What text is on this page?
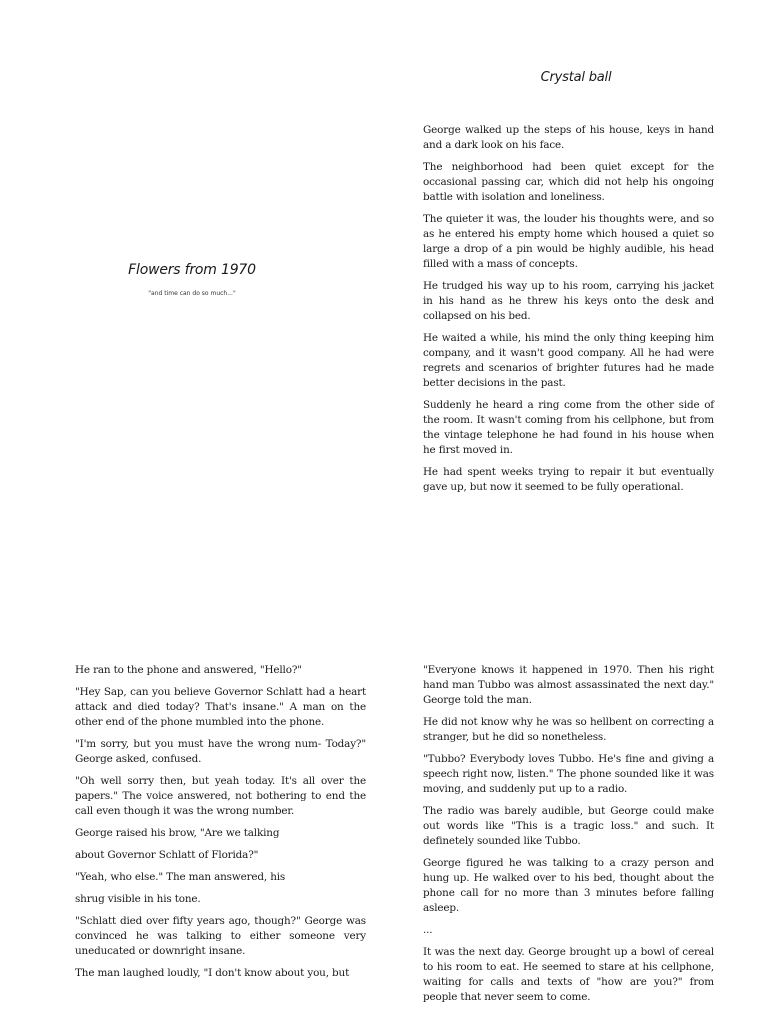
Flowers from 1970
"and time can do so much..."
Crystal ball

George walked up the steps of his house, keys in hand and a dark look on his face.

The neighborhood had been quiet except for the occasional passing car, which did not help his ongoing battle with isolation and loneliness.

The quieter it was, the louder his thoughts were, and so as he entered his empty home which housed a quiet so large a drop of a pin would be highly audible, his head filled with a mass of concepts.

He trudged his way up to his room, carrying his jacket in his hand as he threw his keys onto the desk and collapsed on his bed.

He waited a while, his mind the only thing keeping him company, and it wasn't good company. All he had were regrets and scenarios of brighter futures had he made better decisions in the past.

Suddenly he heard a ring come from the other side of the room. It wasn't coming from his cellphone, but from the vintage telephone he had found in his house when he first moved in.

He had spent weeks trying to repair it but eventually gave up, but now it seemed to be fully operational.

He ran to the phone and answered, "Hello?"

"Hey Sap, can you believe Governor Schlatt had a heart attack and died today? That's insane." A man on the other end of the phone mumbled into the phone.

"I'm sorry, but you must have the wrong num- Today?" George asked, confused.

"Oh well sorry then, but yeah today. It's all over the papers." The voice answered, not bothering to end the call even though it was the wrong number.

George raised his brow, "Are we talking

about Governor Schlatt of Florida?"

"Yeah, who else." The man answered, his

shrug visible in his tone.

"Schlatt died over fifty years ago, though?" George was convinced he was talking to either someone very uneducated or downright insane.

The man laughed loudly, "I don't know about you, but

"Everyone knows it happened in 1970. Then his right hand man Tubbo was almost assassinated the next day." George told the man.

He did not know why he was so hellbent on correcting a stranger, but he did so nonetheless.

"Tubbo? Everybody loves Tubbo. He's fine and giving a speech right now, listen." The phone sounded like it was moving, and suddenly put up to a radio.

The radio was barely audible, but George could make out words like "This is a tragic loss." and such. It definetely sounded like Tubbo.

George figured he was talking to a crazy person and hung up. He walked over to his bed, thought about the phone call for no more than 3 minutes before falling asleep.

...

It was the next day. George brought up a bowl of cereal to his room to eat. He seemed to stare at his cellphone, waiting for calls and texts of "how are you?" from people that never seem to come.
